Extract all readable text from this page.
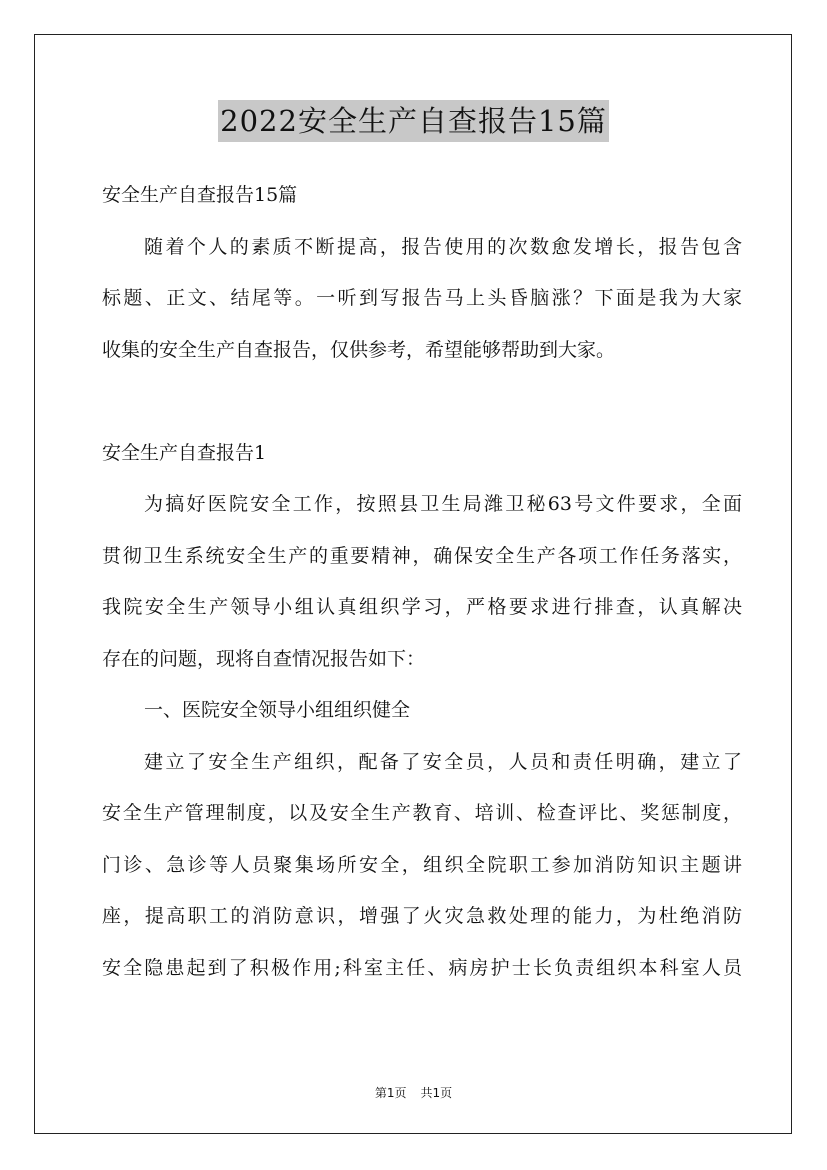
2022安全生产自查报告15篇

安全生产自查报告15篇

随着个人的素质不断提高，报告使用的次数愈发增长，报告包含

标题、正文、结尾等。一听到写报告马上头昏脑涨？下面是我为大家

收集的安全生产自查报告，仅供参考，希望能够帮助到大家。

安全生产自查报告1

为搞好医院安全工作，按照县卫生局潍卫秘63号文件要求，全面

贯彻卫生系统安全生产的重要精神，确保安全生产各项工作任务落实，

我院安全生产领导小组认真组织学习，严格要求进行排查，认真解决

存在的问题，现将自查情况报告如下：

一、医院安全领导小组组织健全

建立了安全生产组织，配备了安全员，人员和责任明确，建立了

安全生产管理制度，以及安全生产教育、培训、检查评比、奖惩制度，

门诊、急诊等人员聚集场所安全，组织全院职工参加消防知识主题讲

座，提高职工的消防意识，增强了火灾急救处理的能力，为杜绝消防

安全隐患起到了积极作用;科室主任、病房护士长负责组织本科室人员

第1页 共1页
